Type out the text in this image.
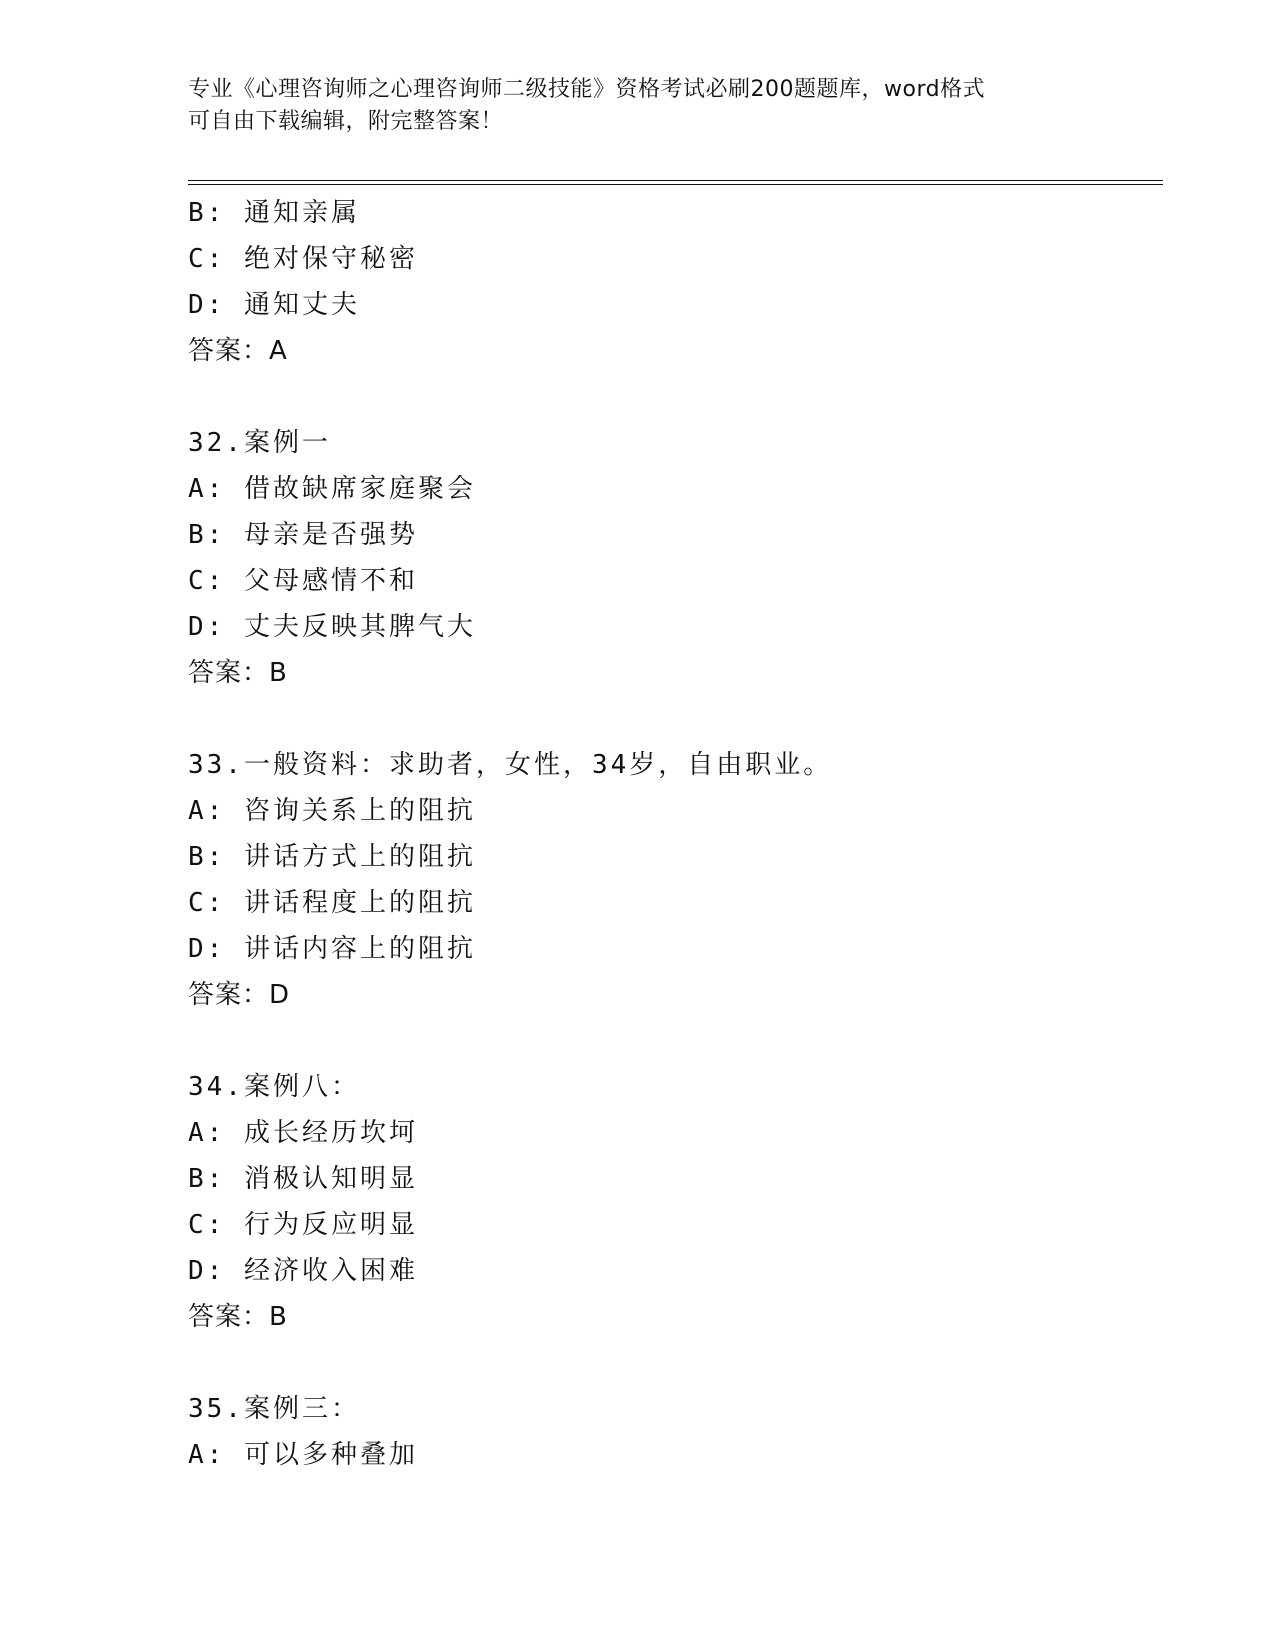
专业《心理咨询师之心理咨询师二级技能》资格考试必刷200题题库，word格式
可自由下载编辑，附完整答案！
B: 通知亲属
C: 绝对保守秘密
D: 通知丈夫
答案：A
32.案例一
A: 借故缺席家庭聚会
B: 母亲是否强势
C: 父母感情不和
D: 丈夫反映其脾气大
答案：B
33.一般资料：求助者，女性，34岁，自由职业。
A: 咨询关系上的阻抗
B: 讲话方式上的阻抗
C: 讲话程度上的阻抗
D: 讲话内容上的阻抗
答案：D
34.案例八：
A: 成长经历坎坷
B: 消极认知明显
C: 行为反应明显
D: 经济收入困难
答案：B
35.案例三：
A: 可以多种叠加
